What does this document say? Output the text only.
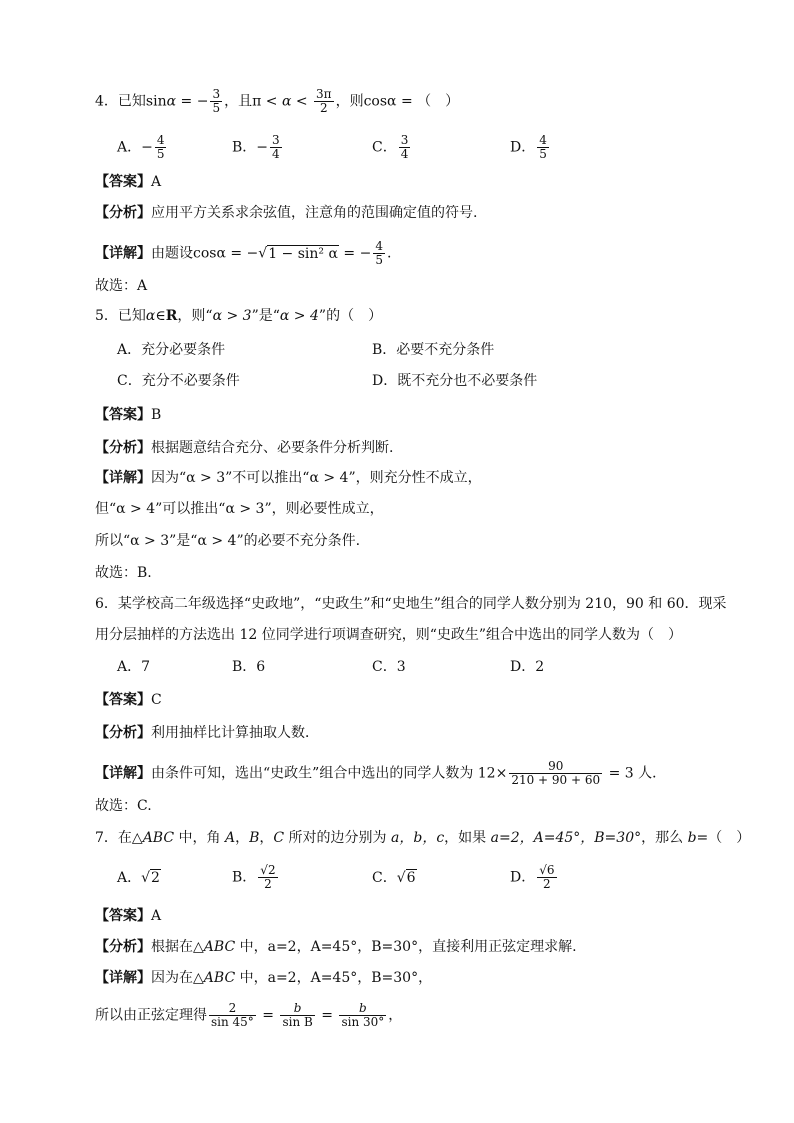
4．已知sinα = − $\frac{3}{5}$ ，且$\pi < \alpha < \frac{3\pi}{2}$ ，则cosα = （　）
A．− $\frac{4}{5}$	B．− $\frac{3}{4}$	C． $\frac{3}{4}$	D． $\frac{4}{5}$
【答案】A
【分析】应用平方关系求余弦值，注意角的范围确定值的符号.
【详解】由题设cosα = −√1 − sin² α = − $\frac{4}{5}$ .
故选：A
5．已知α∈R，则“α > 3”是“α > 4”的（　）
A．充分必要条件	B．必要不充分条件
C．充分不必要条件	D．既不充分也不必要条件
【答案】B
【分析】根据题意结合充分、必要条件分析判断.
【详解】因为“α > 3”不可以推出“α > 4”，则充分性不成立，
但“α > 4”可以推出“α > 3”，则必要性成立，
所以“α > 3”是“α > 4”的必要不充分条件.
故选：B.
6．某学校高二年级选择“史政地”，“史政生”和“史地生”组合的同学人数分别为 210，90 和 60．现采
用分层抽样的方法选出 12 位同学进行项调查研究，则“史政生”组合中选出的同学人数为（　）
A．7	B．6	C．3	D．2
【答案】C
【分析】利用抽样比计算抽取人数．
【详解】由条件可知，选出“史政生”组合中选出的同学人数为 $12\times \frac{90}{210 + 90 + 60} = 3$ 人．
故选：C.
7．在△ABC 中，角 A，B，C 所对的边分别为 a，b，c，如果 a=2，A=45°，B=30°，那么 b=（　）
A．√2	B． $\frac{√2}{2}$	C．√6	D． $\frac{√6}{2}$
【答案】A
【分析】根据在△ABC 中，a=2，A=45°，B=30°，直接利用正弦定理求解.
【详解】因为在△ABC 中，a=2，A=45°，B=30°，
所以由正弦定理得 $\frac{2}{\sin 45^\circ} = \frac{b}{\text{sin B}} = \frac{b}{\sin 30^\circ}$ ，
